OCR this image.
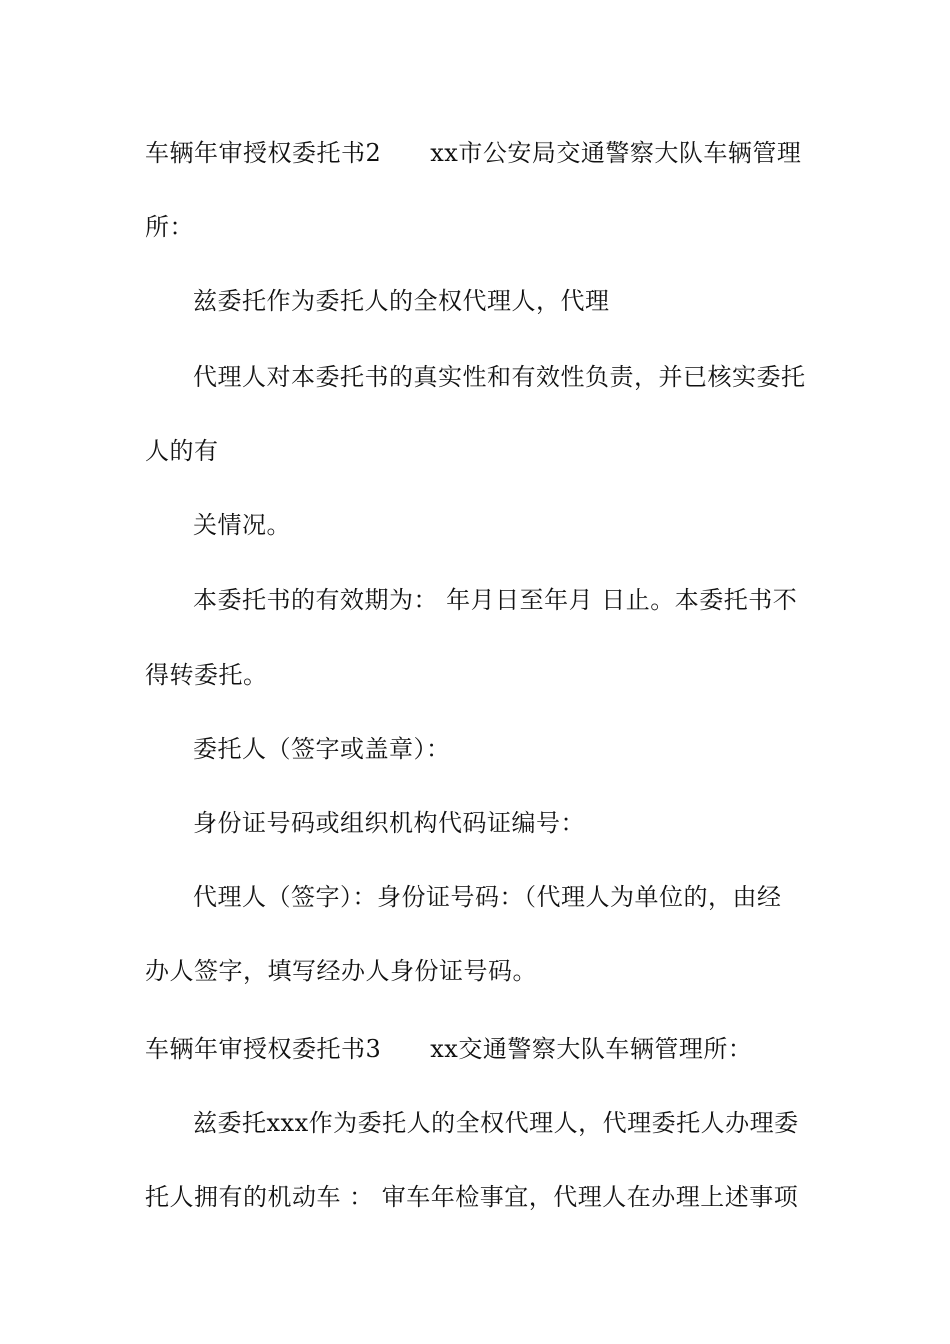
车辆年审授权委托书2　　xx市公安局交通警察大队车辆管理
所：
兹委托作为委托人的全权代理人，代理
代理人对本委托书的真实性和有效性负责，并已核实委托
人的有
关情况。
本委托书的有效期为： 年月日至年月 日止。本委托书不
得转委托。
委托人（签字或盖章）：
身份证号码或组织机构代码证编号：
代理人（签字）：身份证号码：（代理人为单位的，由经
办人签字，填写经办人身份证号码。
车辆年审授权委托书3　　xx交通警察大队车辆管理所：
兹委托xxx作为委托人的全权代理人，代理委托人办理委
托人拥有的机动车 ： 审车年检事宜，代理人在办理上述事项
